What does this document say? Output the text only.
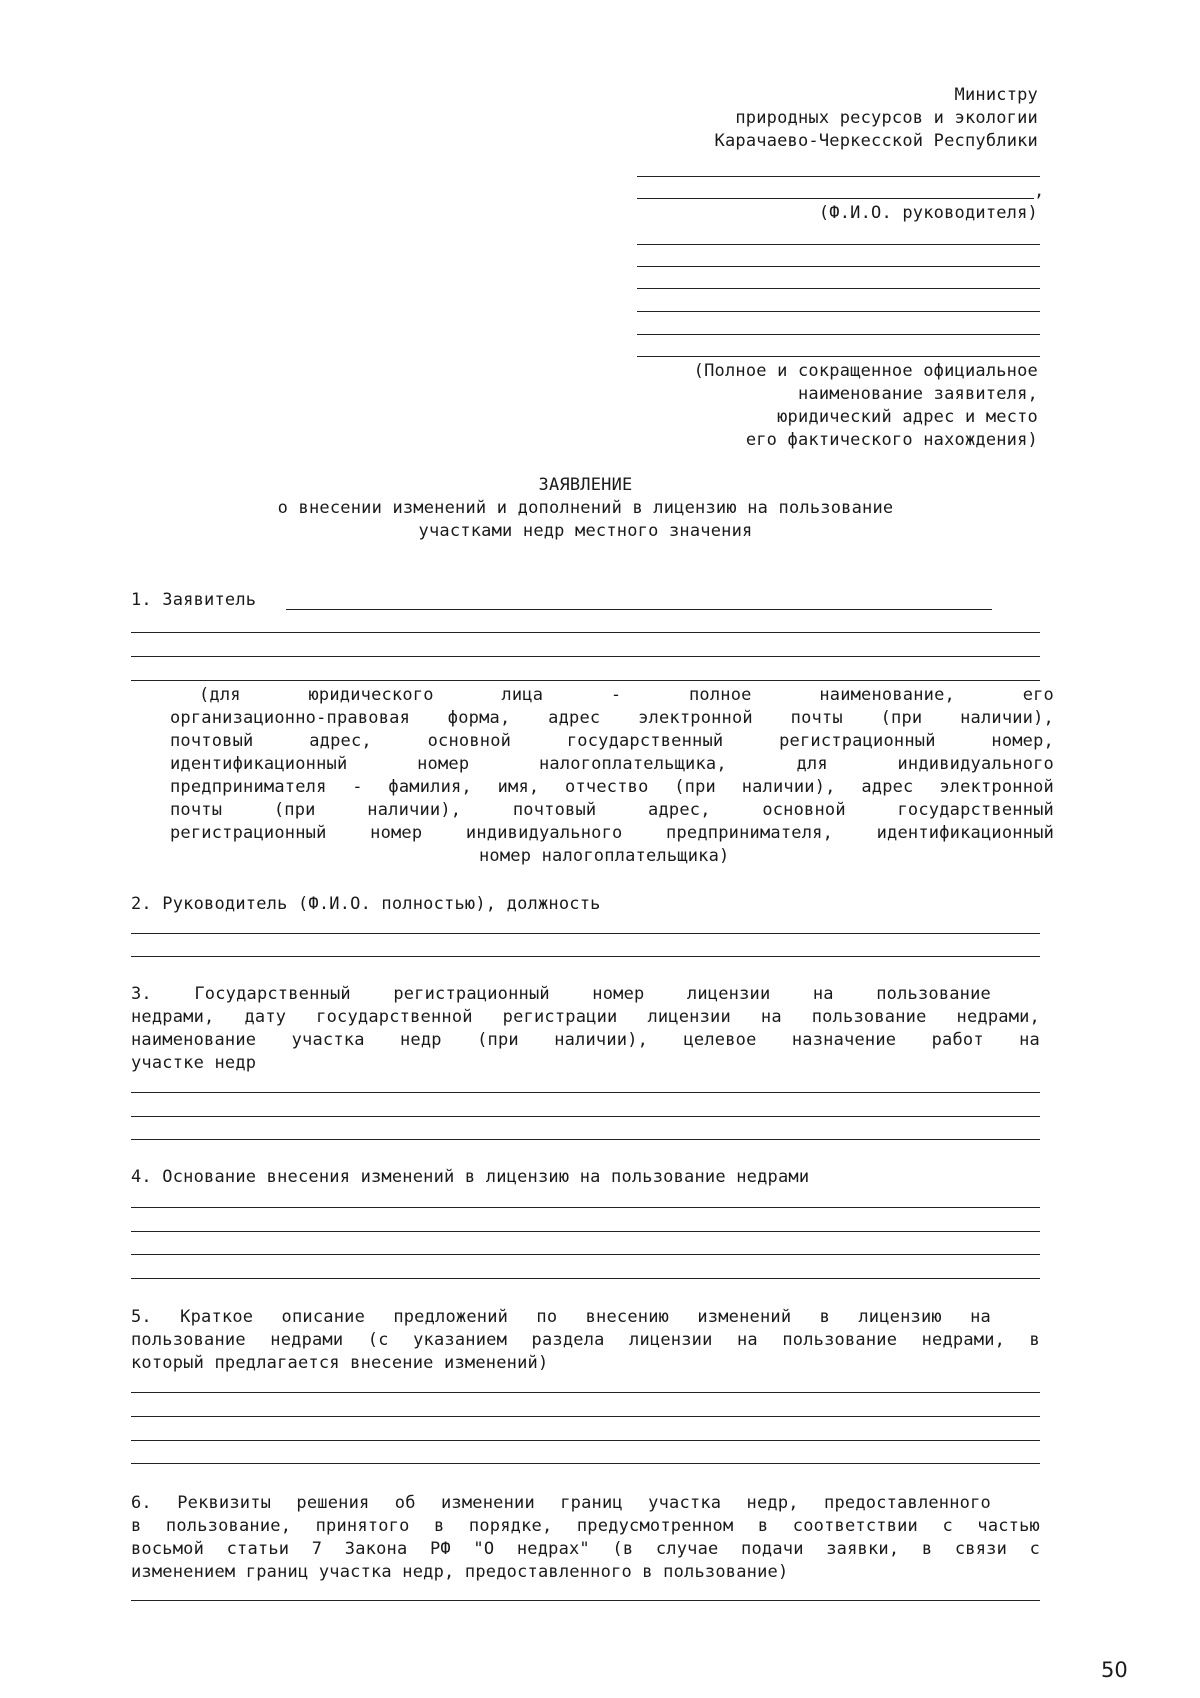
Министру
природных ресурсов и экологии
Карачаево-Черкесской Республики
,
(Ф.И.О. руководителя)
(Полное и сокращенное официальное
наименование заявителя,
юридический адрес и место
его фактического нахождения)
ЗАЯВЛЕНИЕ
о внесении изменений и дополнений в лицензию на пользование
участками недр местного значения
1. Заявитель
(для юридического лица - полное наименование, его
организационно-правовая форма, адрес электронной почты (при наличии),
почтовый адрес, основной государственный регистрационный номер,
идентификационный номер налогоплательщика, для индивидуального
предпринимателя - фамилия, имя, отчество (при наличии), адрес электронной
почты (при наличии), почтовый адрес, основной государственный
регистрационный номер индивидуального предпринимателя, идентификационный
номер налогоплательщика)
2. Руководитель (Ф.И.О. полностью), должность
3. Государственный регистрационный номер лицензии на пользование
недрами, дату государственной регистрации лицензии на пользование недрами,
наименование участка недр (при наличии), целевое назначение работ на
участке недр
4. Основание внесения изменений в лицензию на пользование недрами
5. Краткое описание предложений по внесению изменений в лицензию на
пользование недрами (с указанием раздела лицензии на пользование недрами, в
который предлагается внесение изменений)
6. Реквизиты решения об изменении границ участка недр, предоставленного
в пользование, принятого в порядке, предусмотренном в соответствии с частью
восьмой статьи 7 Закона РФ "О недрах" (в случае подачи заявки, в связи с
изменением границ участка недр, предоставленного в пользование)
50
